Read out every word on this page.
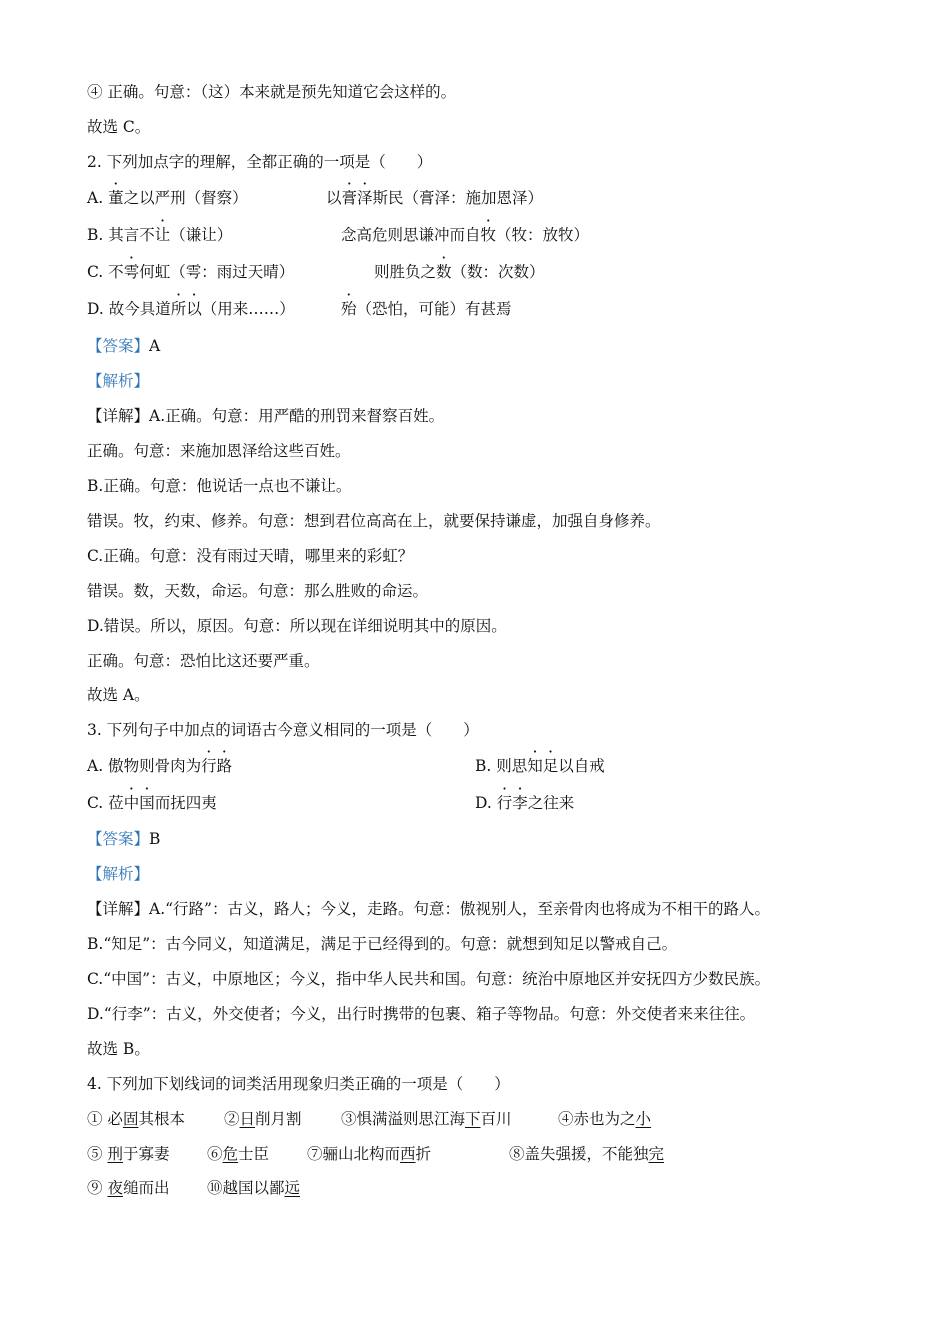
④ 正确。句意：（这）本来就是预先知道它会这样的。
故选 C。
2. 下列加点字的理解，全都正确的一项是（　　）
A. 董之以严刑（督察）	以膏泽斯民（膏泽：施加恩泽）
B. 其言不让（谦让）	念高危则思谦冲而自牧（牧：放牧）
C. 不雩何虹（雩：雨过天晴）	则胜负之数（数：次数）
D. 故今具道所以（用来……）	殆（恐怕，可能）有甚焉
【答案】A
【解析】
【详解】A.正确。句意：用严酷的刑罚来督察百姓。
正确。句意：来施加恩泽给这些百姓。
B.正确。句意：他说话一点也不谦让。
错误。牧，约束、修养。句意：想到君位高高在上，就要保持谦虚，加强自身修养。
C.正确。句意：没有雨过天晴，哪里来的彩虹？
错误。数，天数，命运。句意：那么胜败的命运。
D.错误。所以，原因。句意：所以现在详细说明其中的原因。
正确。句意：恐怕比这还要严重。
故选 A。
3. 下列句子中加点的词语古今意义相同的一项是（　　）
A. 傲物则骨肉为行路	B. 则思知足以自戒
C. 莅中国而抚四夷	D. 行李之往来
【答案】B
【解析】
【详解】A.“行路”：古义，路人；今义，走路。句意：傲视别人，至亲骨肉也将成为不相干的路人。
B.“知足”：古今同义，知道满足，满足于已经得到的。句意：就想到知足以警戒自己。
C.“中国”：古义，中原地区；今义，指中华人民共和国。句意：统治中原地区并安抚四方少数民族。
D.“行李”：古义，外交使者；今义，出行时携带的包裹、箱子等物品。句意：外交使者来来往往。
故选 B。
4. 下列加下划线词的词类活用现象归类正确的一项是（　　）
① 必固其根本	②日削月割	③惧满溢则思江海下百川	④赤也为之小
⑤ 刑于寡妻 ⑥危士臣 ⑦骊山北构而西折	⑧盖失强援，不能独完
⑨ 夜缒而出 ⑩越国以鄙远
